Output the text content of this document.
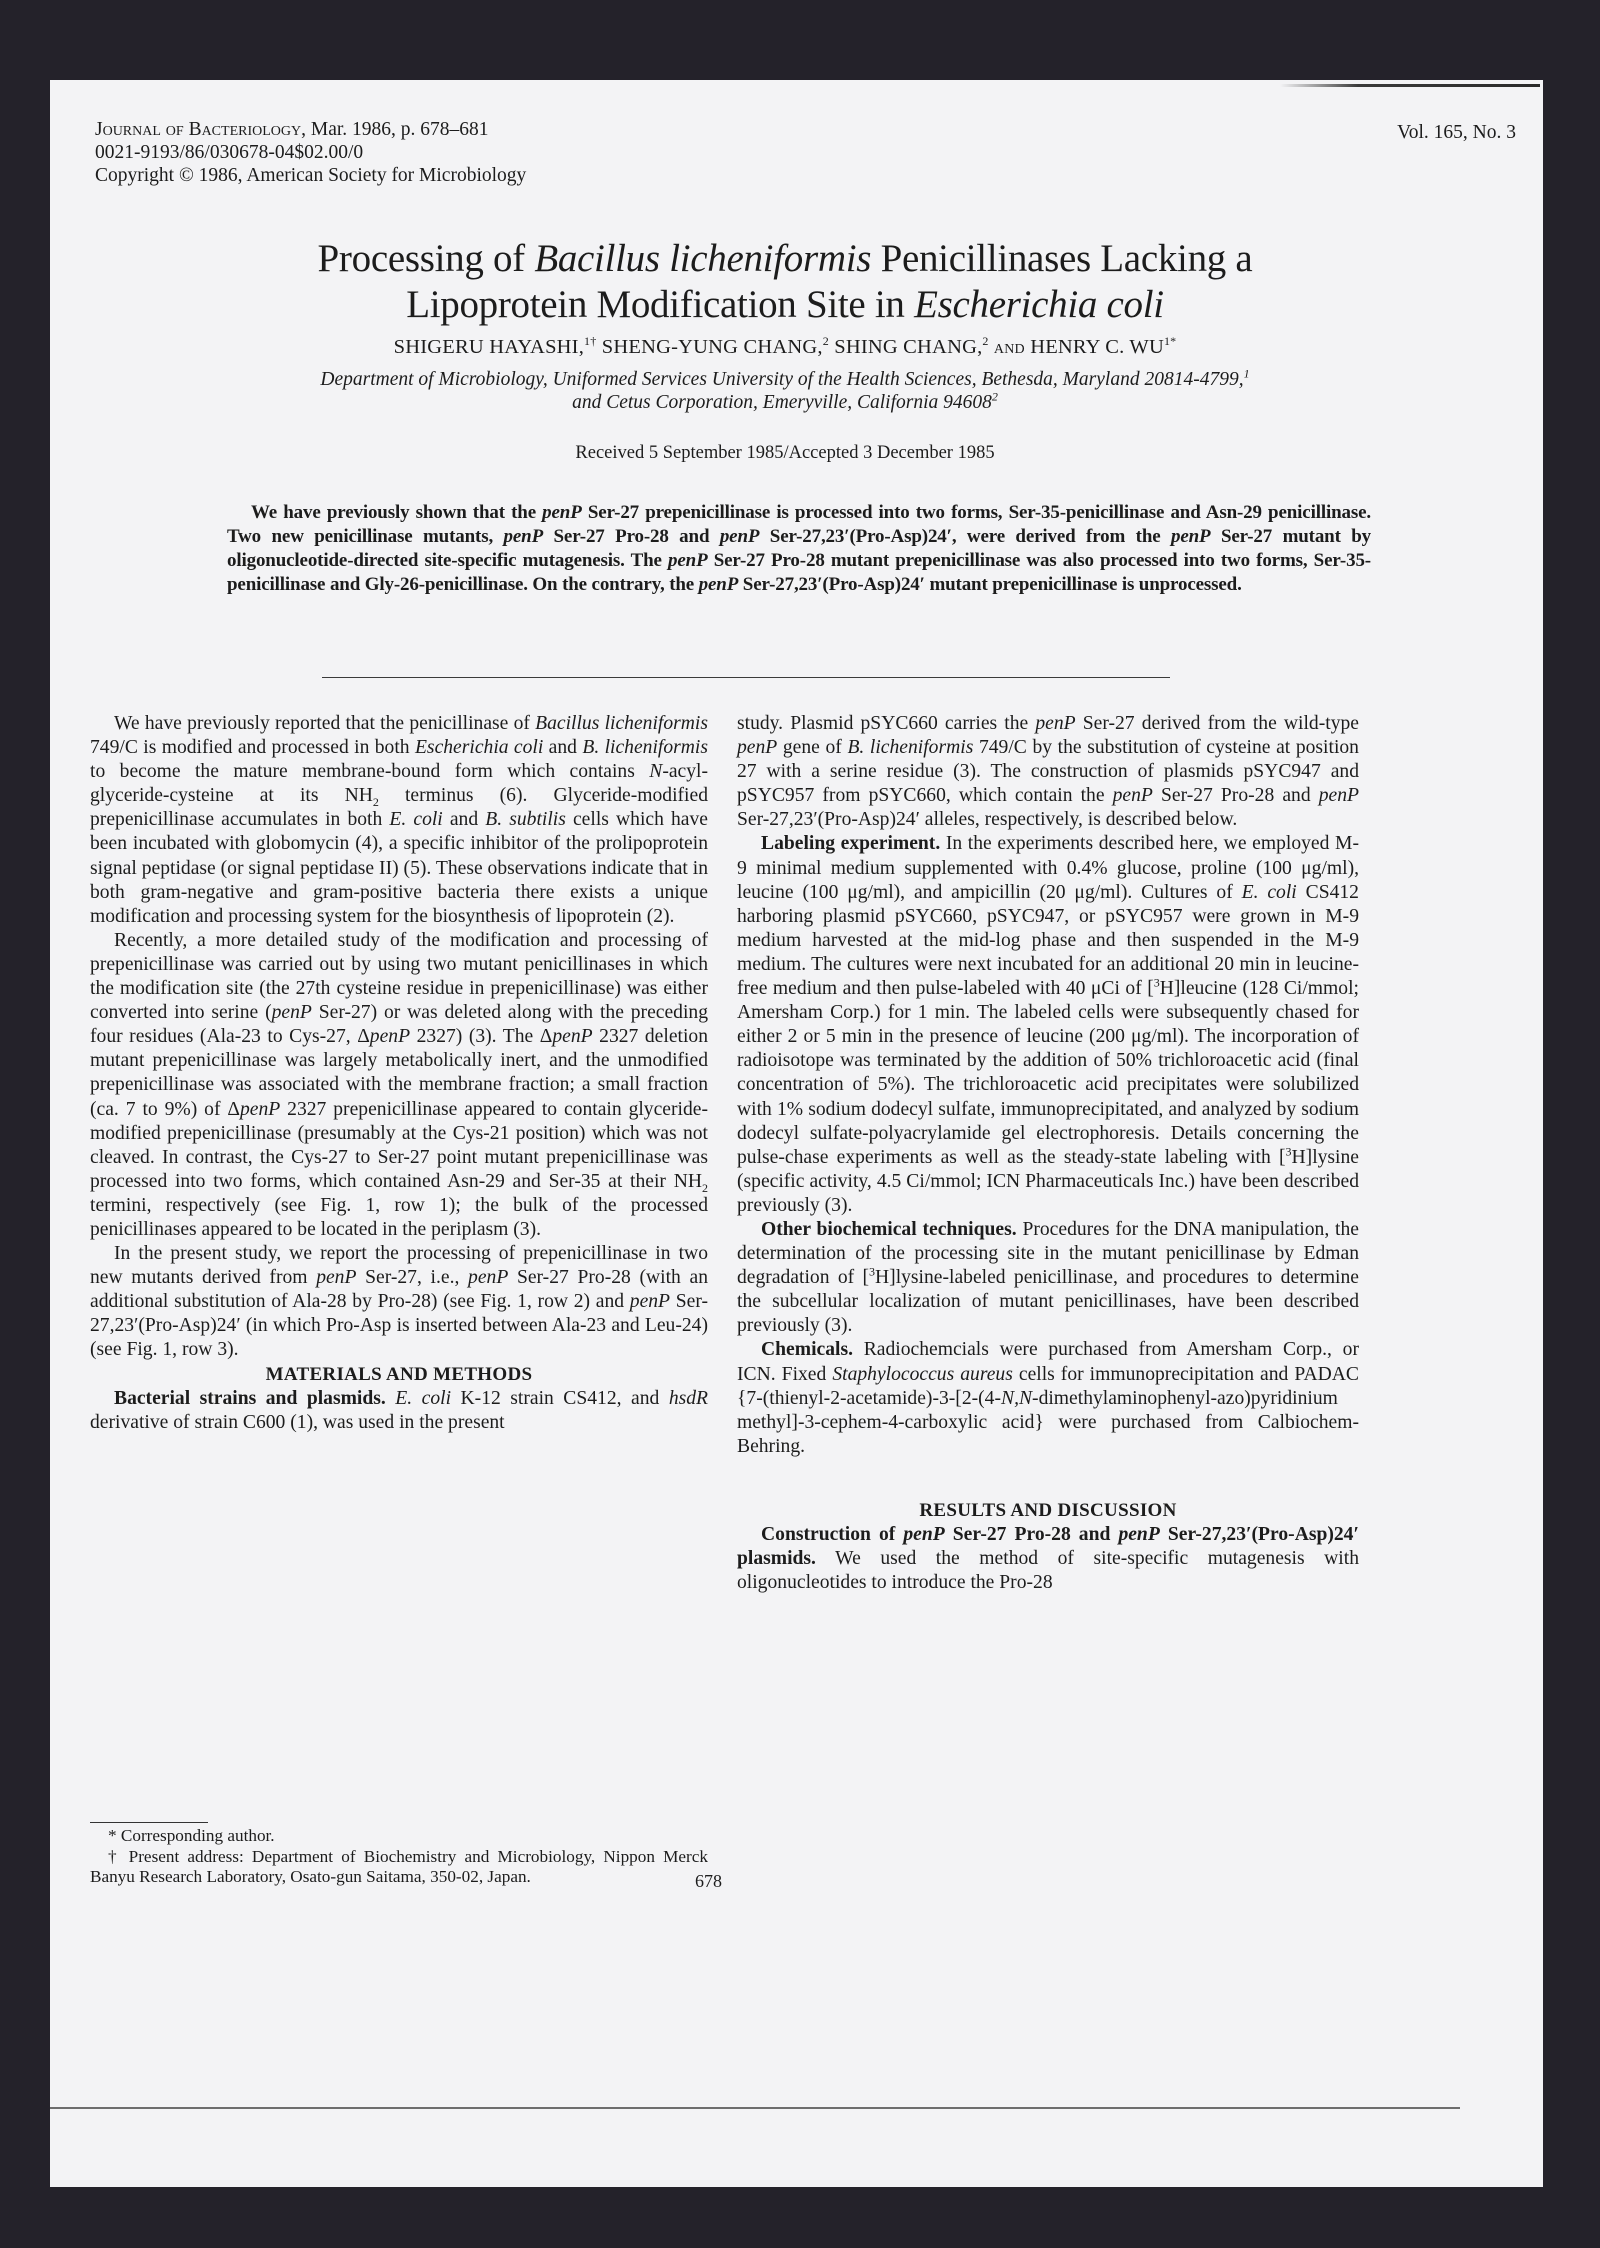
Journal of Bacteriology, Mar. 1986, p. 678–681
0021-9193/86/030678-04$02.00/0
Copyright © 1986, American Society for Microbiology
Vol. 165, No. 3
Processing of Bacillus licheniformis Penicillinases Lacking a
Lipoprotein Modification Site in Escherichia coli
SHIGERU HAYASHI,$^{1\dagger}$ SHENG-YUNG CHANG,$^2$ SHING CHANG,$^2$ and HENRY C. $WU^{1*}$
Department of Microbiology, Uniformed Services University of the Health Sciences, Bethesda, Maryland 20814-4799,$^1$
and Cetus Corporation, Emeryville, California 94608$^2$
Received 5 September 1985/Accepted 3 December 1985
We have previously shown that the penP Ser-27 prepenicillinase is processed into two forms, Ser-35-penicillinase and Asn-29 penicillinase. Two new penicillinase mutants, penP Ser-27 Pro-28 and penP Ser-27,23′(Pro-Asp)24′, were derived from the penP Ser-27 mutant by oligonucleotide-directed site-specific mutagenesis. The penP Ser-27 Pro-28 mutant prepenicillinase was also processed into two forms, Ser-35-penicillinase and Gly-26-penicillinase. On the contrary, the penP Ser-27,23′(Pro-Asp)24′ mutant prepenicillinase is unprocessed.

We have previously reported that the penicillinase of Bacillus licheniformis 749/C is modified and processed in both Escherichia coli and B. licheniformis to become the mature membrane-bound form which contains N-acyl-glyceride-cysteine at its $NH_2$ terminus (6). Glyceride-modified prepenicillinase accumulates in both E. coli and B. subtilis cells which have been incubated with globomycin (4), a specific inhibitor of the prolipoprotein signal peptidase (or signal peptidase II) (5). These observations indicate that in both gram-negative and gram-positive bacteria there exists a unique modification and processing system for the biosynthesis of lipoprotein (2).

Recently, a more detailed study of the modification and processing of prepenicillinase was carried out by using two mutant penicillinases in which the modification site (the 27th cysteine residue in prepenicillinase) was either converted into serine (penP Ser-27) or was deleted along with the preceding four residues (Ala-23 to Cys-27, ΔpenP 2327) (3). The ΔpenP 2327 deletion mutant prepenicillinase was largely metabolically inert, and the unmodified prepenicillinase was associated with the membrane fraction; a small fraction (ca. 7 to 9%) of ΔpenP 2327 prepenicillinase appeared to contain glyceride-modified prepenicillinase (presumably at the Cys-21 position) which was not cleaved. In contrast, the Cys-27 to Ser-27 point mutant prepenicillinase was processed into two forms, which contained Asn-29 and Ser-35 at their $NH_2$ termini, respectively (see Fig. 1, row 1); the bulk of the processed penicillinases appeared to be located in the periplasm (3).

In the present study, we report the processing of prepenicillinase in two new mutants derived from penP Ser-27, i.e., penP Ser-27 Pro-28 (with an additional substitution of Ala-28 by Pro-28) (see Fig. 1, row 2) and penP Ser-27,23′(Pro-Asp)24′ (in which Pro-Asp is inserted between Ala-23 and Leu-24) (see Fig. 1, row 3).

MATERIALS AND METHODS

Bacterial strains and plasmids. E. coli K-12 strain CS412, and hsdR derivative of strain C600 (1), was used in the present

* Corresponding author.

† Present address: Department of Biochemistry and Microbiology, Nippon Merck Banyu Research Laboratory, Osato-gun Saitama, 350-02, Japan.

study. Plasmid pSYC660 carries the penP Ser-27 derived from the wild-type penP gene of B. licheniformis 749/C by the substitution of cysteine at position 27 with a serine residue (3). The construction of plasmids pSYC947 and pSYC957 from pSYC660, which contain the penP Ser-27 Pro-28 and penP Ser-27,23′(Pro-Asp)24′ alleles, respectively, is described below.

Labeling experiment. In the experiments described here, we employed M-9 minimal medium supplemented with 0.4% glucose, proline (100 μg/ml), leucine (100 μg/ml), and ampicillin (20 μg/ml). Cultures of E. coli CS412 harboring plasmid pSYC660, pSYC947, or pSYC957 were grown in M-9 medium harvested at the mid-log phase and then suspended in the M-9 medium. The cultures were next incubated for an additional 20 min in leucine-free medium and then pulse-labeled with 40 μCi of [$^3$H]leucine (128 Ci/mmol; Amersham Corp.) for 1 min. The labeled cells were subsequently chased for either 2 or 5 min in the presence of leucine (200 μg/ml). The incorporation of radioisotope was terminated by the addition of 50% trichloroacetic acid (final concentration of 5%). The trichloroacetic acid precipitates were solubilized with 1% sodium dodecyl sulfate, immunoprecipitated, and analyzed by sodium dodecyl sulfate-polyacrylamide gel electrophoresis. Details concerning the pulse-chase experiments as well as the steady-state labeling with [$^3$H]lysine (specific activity, 4.5 Ci/mmol; ICN Pharmaceuticals Inc.) have been described previously (3).

Other biochemical techniques. Procedures for the DNA manipulation, the determination of the processing site in the mutant penicillinase by Edman degradation of [$^3$H]lysine-labeled penicillinase, and procedures to determine the subcellular localization of mutant penicillinases, have been described previously (3).

Chemicals. Radiochemcials were purchased from Amersham Corp., or ICN. Fixed Staphylococcus aureus cells for immunoprecipitation and PADAC {7-(thienyl-2-acetamide)-3-[2-(4-N,N-dimethylaminophenyl-azo)pyridinium methyl]-3-cephem-4-carboxylic acid} were purchased from Calbiochem-Behring.

RESULTS AND DISCUSSION

Construction of penP Ser-27 Pro-28 and penP Ser-27,23′(Pro-Asp)24′ plasmids. We used the method of site-specific mutagenesis with oligonucleotides to introduce the Pro-28

678
